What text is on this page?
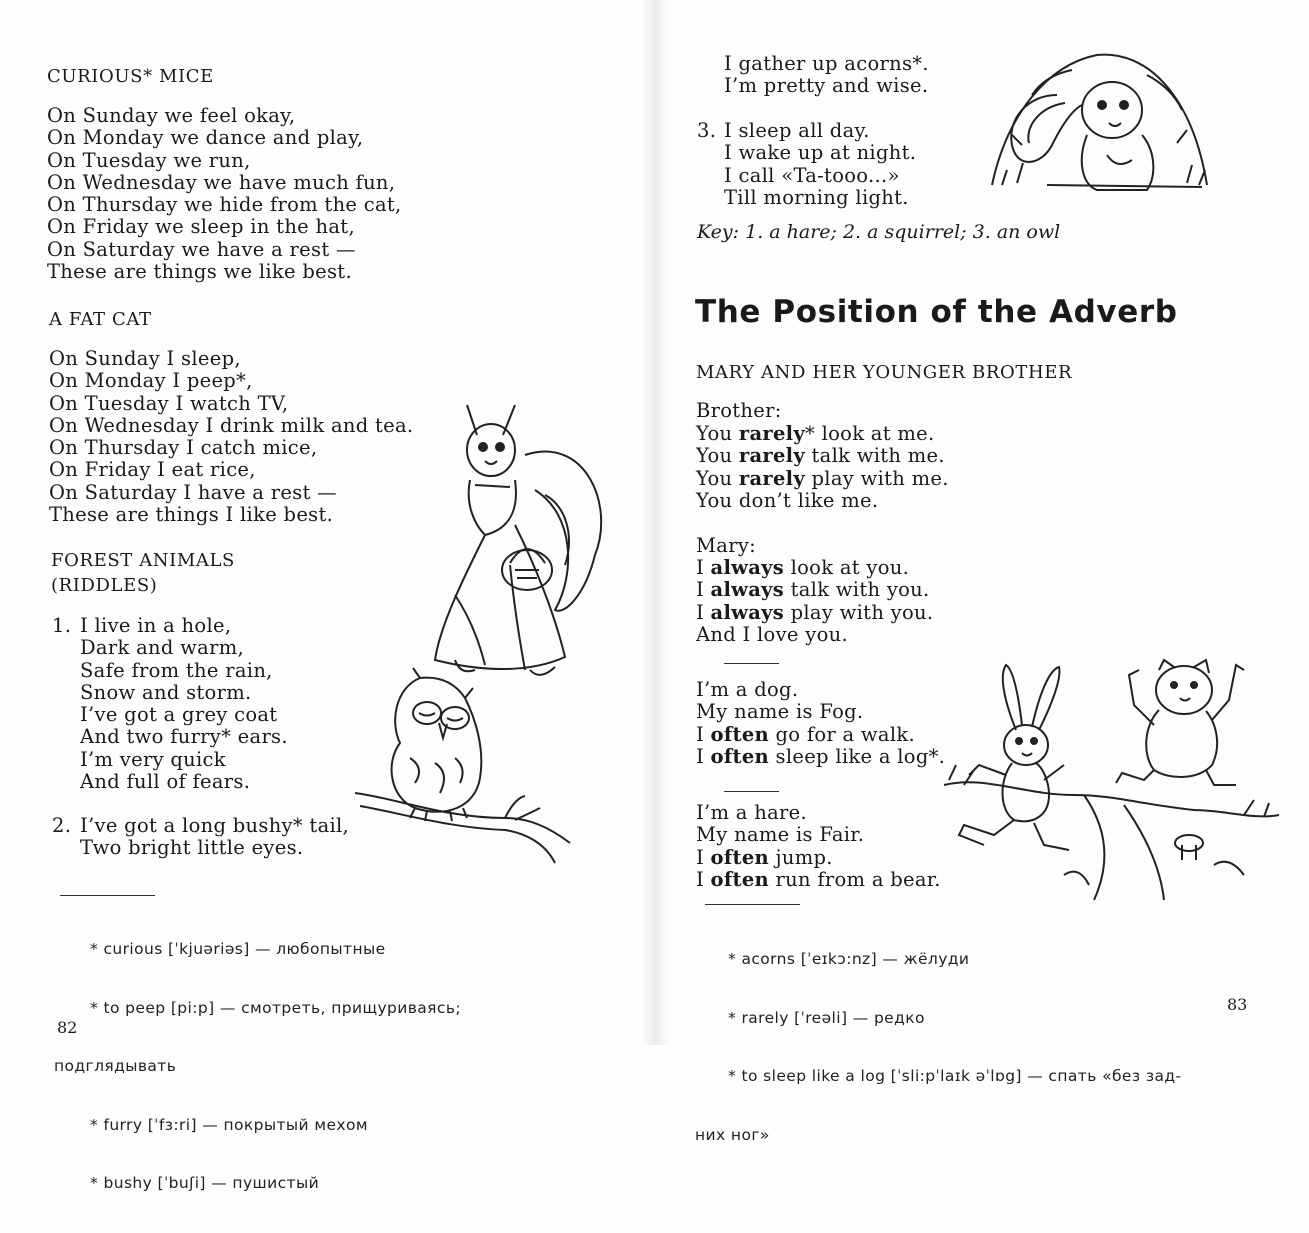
CURIOUS* MICE
On Sunday we feel okay,
On Monday we dance and play,
On Tuesday we run,
On Wednesday we have much fun,
On Thursday we hide from the cat,
On Friday we sleep in the hat,
On Saturday we have a rest —
These are things we like best.
A FAT CAT
On Sunday I sleep,
On Monday I peep*,
On Tuesday I watch TV,
On Wednesday I drink milk and tea.
On Thursday I catch mice,
On Friday I eat rice,
On Saturday I have a rest —
These are things I like best.
FOREST ANIMALS
(RIDDLES)
1. I live in a hole,
Dark and warm,
Safe from the rain,
Snow and storm.
I’ve got a grey coat
And two furry* ears.
I’m very quick
And full of fears.
2. I’ve got a long bushy* tail,
Two bright little eyes.

* curious [ˈkjuəriəs] — любопытные

* to peep [pi:p] — смотреть, прищуриваясь;

подглядывать

* furry [ˈfɜ:ri] — покрытый мехом

* bushy [ˈbuʃi] — пушистый

82
I gather up acorns*.
I’m pretty and wise.
3. I sleep all day.
I wake up at night.
I call «Ta-tooo...»
Till morning light.
Key: 1. a hare; 2. a squirrel; 3. an owl
The Position of the Adverb
MARY AND HER YOUNGER BROTHER
Brother:
You rarely* look at me.
You rarely talk with me.
You rarely play with me.
You don’t like me.
Mary:
I always look at you.
I always talk with you.
I always play with you.
And I love you.
I’m a dog.
My name is Fog.
I often go for a walk.
I often sleep like a log*.
I’m a hare.
My name is Fair.
I often jump.
I often run from a bear.

* acorns [ˈeɪkɔ:nz] — жёлуди

* rarely [ˈreəli] — редко

* to sleep like a log [ˈsli:pˈlaɪk əˈlɒg] — спать «без зад-

них ног»

83
